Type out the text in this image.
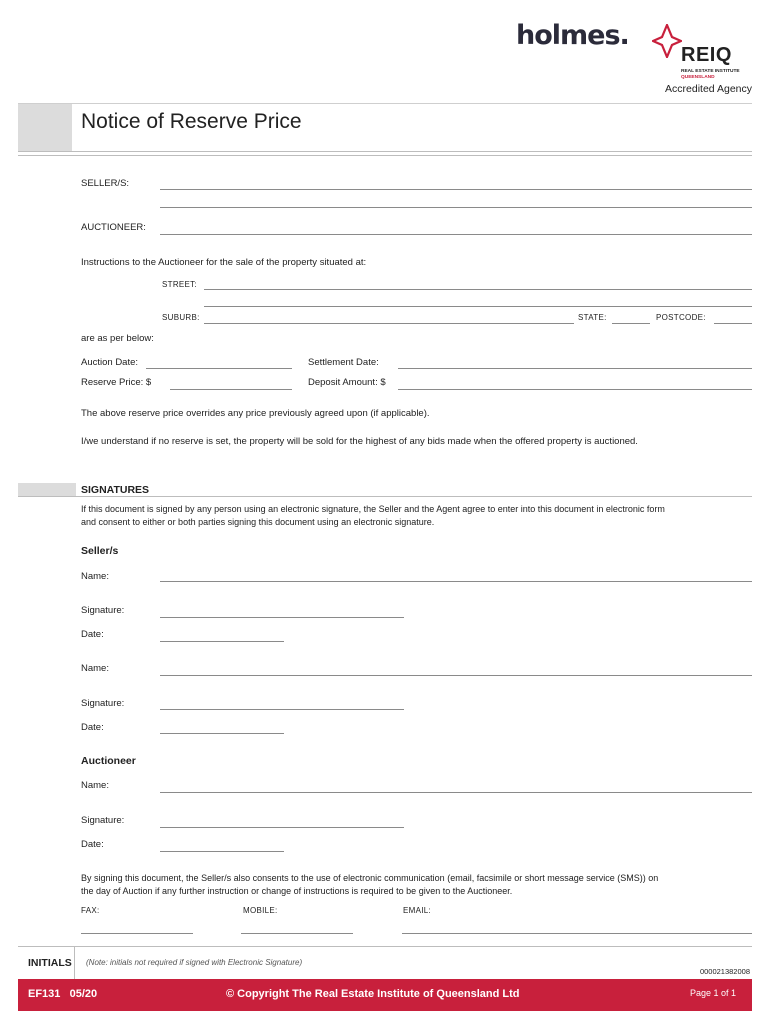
holmes.
REIQ
REAL ESTATE INSTITUTE
QUEENSLAND
Accredited Agency
Notice of Reserve Price
SELLER/S:
AUCTIONEER:
Instructions to the Auctioneer for the sale of the property situated at:
STREET:
SUBURB:	STATE:	POSTCODE:
are as per below:
Auction Date:	Settlement Date:
Reserve Price: $	Deposit Amount: $
The above reserve price overrides any price previously agreed upon (if applicable).
I/we understand if no reserve is set, the property will be sold for the highest of any bids made when the offered property is auctioned.
SIGNATURES
If this document is signed by any person using an electronic signature, the Seller and the Agent agree to enter into this document in electronic form
and consent to either or both parties signing this document using an electronic signature.
Seller/s
Name:
Signature:
Date:
Name:
Signature:
Date:
Auctioneer
Name:
Signature:
Date:
By signing this document, the Seller/s also consents to the use of electronic communication (email, facsimile or short message service (SMS)) on
the day of Auction if any further instruction or change of instructions is required to be given to the Auctioneer.
FAX:	MOBILE:	EMAIL:
INITIALS (Note: initials not required if signed with Electronic Signature)
000021382008
EF131   05/20	© Copyright The Real Estate Institute of Queensland Ltd	Page 1 of 1
